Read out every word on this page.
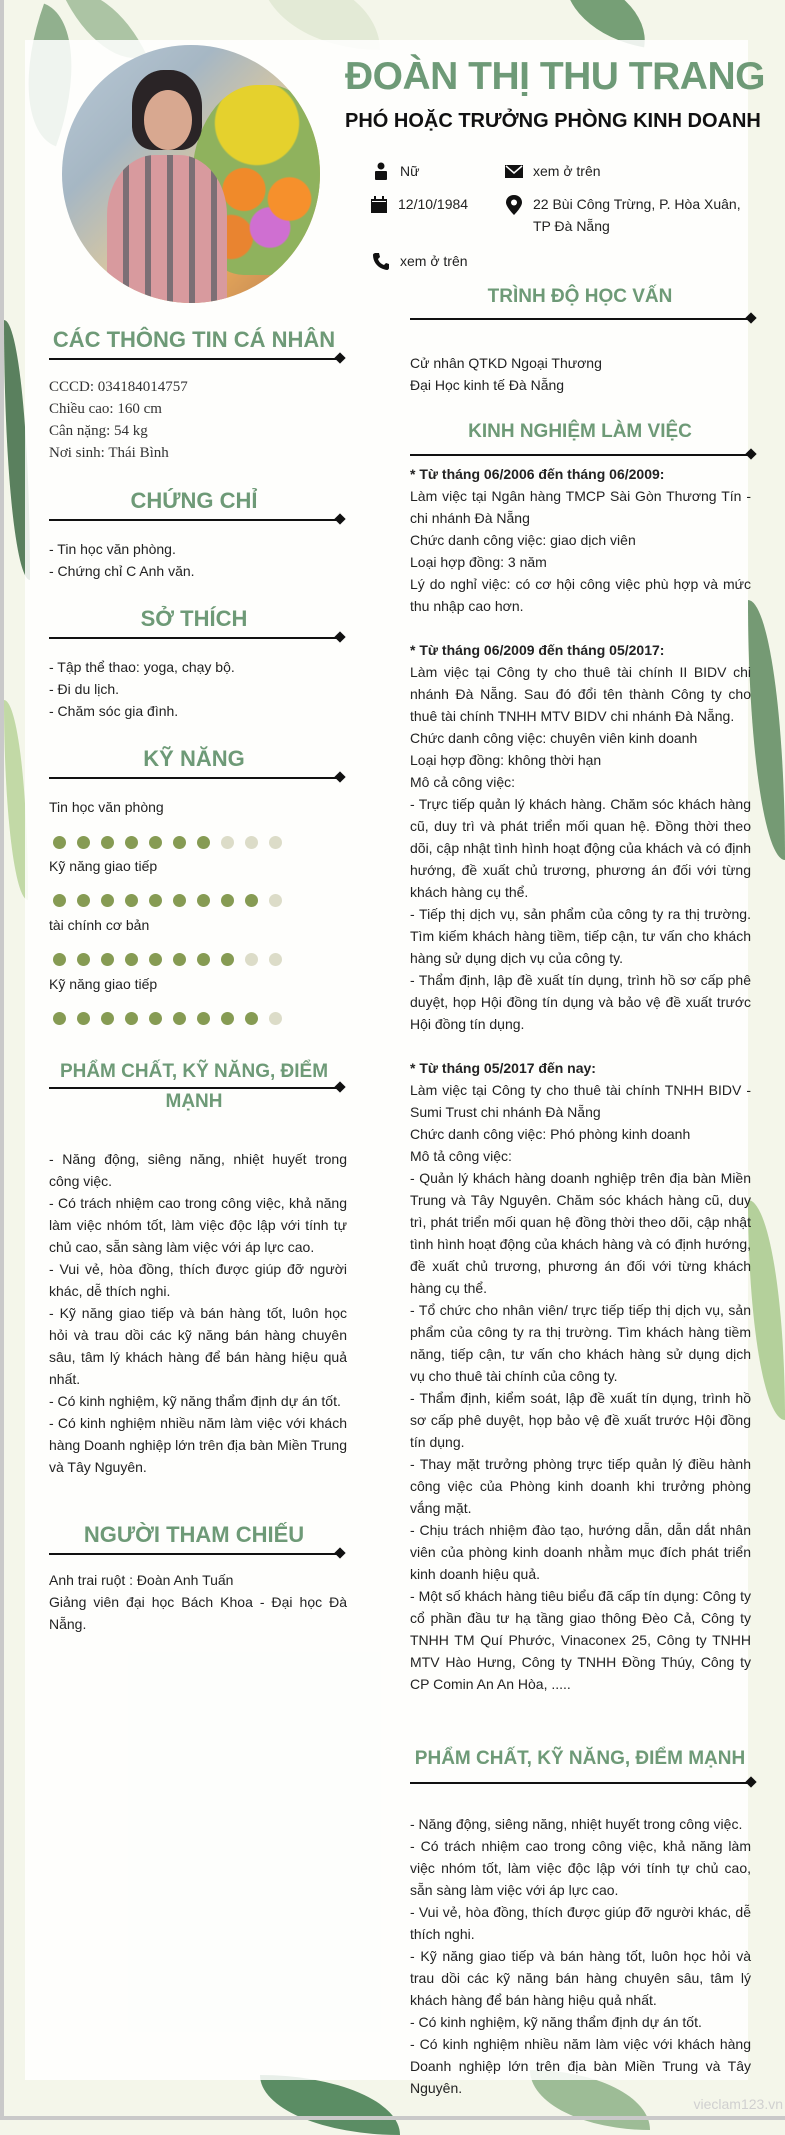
ĐOÀN THỊ THU TRANG
PHÓ HOẶC TRƯỞNG PHÒNG KINH DOANH
Nữ	xem ở trên
12/10/1984	22 Bùi Công Trừng, P. Hòa Xuân, TP Đà Nẵng
xem ở trên
CÁC THÔNG TIN CÁ NHÂN
CCCD: 034184014757
Chiều cao: 160 cm
Cân nặng: 54 kg
Nơi sinh: Thái Bình
CHỨNG CHỈ
- Tin học văn phòng.
- Chứng chỉ C Anh văn.
SỞ THÍCH
- Tập thể thao: yoga, chạy bộ.
- Đi du lịch.
- Chăm sóc gia đình.
KỸ NĂNG
Tin học văn phòng
Kỹ năng giao tiếp
tài chính cơ bản
Kỹ năng giao tiếp
PHẨM CHẤT, KỸ NĂNG, ĐIỂM
MẠNH

- Năng động, siêng năng, nhiệt huyết trong công việc.

- Có trách nhiệm cao trong công việc, khả năng làm việc nhóm tốt, làm việc độc lập với tính tự chủ cao, sẵn sàng làm việc với áp lực cao.

- Vui vẻ, hòa đồng, thích được giúp đỡ người khác, dễ thích nghi.

- Kỹ năng giao tiếp và bán hàng tốt, luôn học hỏi và trau dồi các kỹ năng bán hàng chuyên sâu, tâm lý khách hàng để bán hàng hiệu quả nhất.

- Có kinh nghiệm, kỹ năng thẩm định dự án tốt.

- Có kinh nghiệm nhiều năm làm việc với khách hàng Doanh nghiệp lớn trên địa bàn Miền Trung và Tây Nguyên.

NGƯỜI THAM CHIẾU
Anh trai ruột : Đoàn Anh Tuấn
Giảng viên đại học Bách Khoa - Đại học Đà Nẵng.
TRÌNH ĐỘ HỌC VẤN
Cử nhân QTKD Ngoại Thương
Đại Học kinh tế Đà Nẵng
KINH NGHIỆM LÀM VIỆC
* Từ tháng 06/2006 đến tháng 06/2009:

Làm việc tại Ngân hàng TMCP Sài Gòn Thương Tín - chi nhánh Đà Nẵng

Chức danh công việc: giao dịch viên

Loại hợp đồng: 3 năm

Lý do nghỉ việc: có cơ hội công việc phù hợp và mức thu nhập cao hơn.

* Từ tháng 06/2009 đến tháng 05/2017:

Làm việc tại Công ty cho thuê tài chính II BIDV chi nhánh Đà Nẵng. Sau đó đổi tên thành Công ty cho thuê tài chính TNHH MTV BIDV chi nhánh Đà Nẵng.

Chức danh công việc: chuyên viên kinh doanh

Loại hợp đồng: không thời hạn

Mô cả công việc:

- Trực tiếp quản lý khách hàng. Chăm sóc khách hàng cũ, duy trì và phát triển mối quan hệ. Đồng thời theo dõi, cập nhật tình hình hoạt động của khách và có định hướng, đề xuất chủ trương, phương án đối với từng khách hàng cụ thể.

- Tiếp thị dịch vụ, sản phẩm của công ty ra thị trường. Tìm kiếm khách hàng tiềm, tiếp cận, tư vấn cho khách hàng sử dụng dịch vụ của công ty.

- Thẩm định, lập đề xuất tín dụng, trình hồ sơ cấp phê duyệt, họp Hội đồng tín dụng và bảo vệ đề xuất trước Hội đồng tín dụng.

* Từ tháng 05/2017 đến nay:

Làm việc tại Công ty cho thuê tài chính TNHH BIDV - Sumi Trust chi nhánh Đà Nẵng

Chức danh công việc: Phó phòng kinh doanh

Mô tả công việc:

- Quản lý khách hàng doanh nghiệp trên địa bàn Miền Trung và Tây Nguyên. Chăm sóc khách hàng cũ, duy trì, phát triển mối quan hệ đồng thời theo dõi, cập nhật tình hình hoạt động của khách hàng và có định hướng, đề xuất chủ trương, phương án đối với từng khách hàng cụ thể.

- Tổ chức cho nhân viên/ trực tiếp tiếp thị dịch vụ, sản phẩm của công ty ra thị trường. Tìm khách hàng tiềm năng, tiếp cận, tư vấn cho khách hàng sử dụng dịch vụ cho thuê tài chính của công ty.

- Thẩm định, kiểm soát, lập đề xuất tín dụng, trình hồ sơ cấp phê duyệt, họp bảo vệ đề xuất trước Hội đồng tín dụng.

- Thay mặt trưởng phòng trực tiếp quản lý điều hành công việc của Phòng kinh doanh khi trưởng phòng vắng mặt.

- Chịu trách nhiệm đào tạo, hướng dẫn, dẫn dắt nhân viên của phòng kinh doanh nhằm mục đích phát triển kinh doanh hiệu quả.

- Một số khách hàng tiêu biểu đã cấp tín dụng: Công ty cổ phần đầu tư hạ tầng giao thông Đèo Cả, Công ty TNHH TM Quí Phước, Vinaconex 25, Công ty TNHH MTV Hào Hưng, Công ty TNHH Đồng Thúy, Công ty CP Comin An An Hòa, .....

PHẨM CHẤT, KỸ NĂNG, ĐIỂM MẠNH

- Năng động, siêng năng, nhiệt huyết trong công việc.

- Có trách nhiệm cao trong công việc, khả năng làm việc nhóm tốt, làm việc độc lập với tính tự chủ cao, sẵn sàng làm việc với áp lực cao.

- Vui vẻ, hòa đồng, thích được giúp đỡ người khác, dễ thích nghi.

- Kỹ năng giao tiếp và bán hàng tốt, luôn học hỏi và trau dồi các kỹ năng bán hàng chuyên sâu, tâm lý khách hàng để bán hàng hiệu quả nhất.

- Có kinh nghiệm, kỹ năng thẩm định dự án tốt.

- Có kinh nghiệm nhiều năm làm việc với khách hàng Doanh nghiệp lớn trên địa bàn Miền Trung và Tây Nguyên.

vieclam123.vn
